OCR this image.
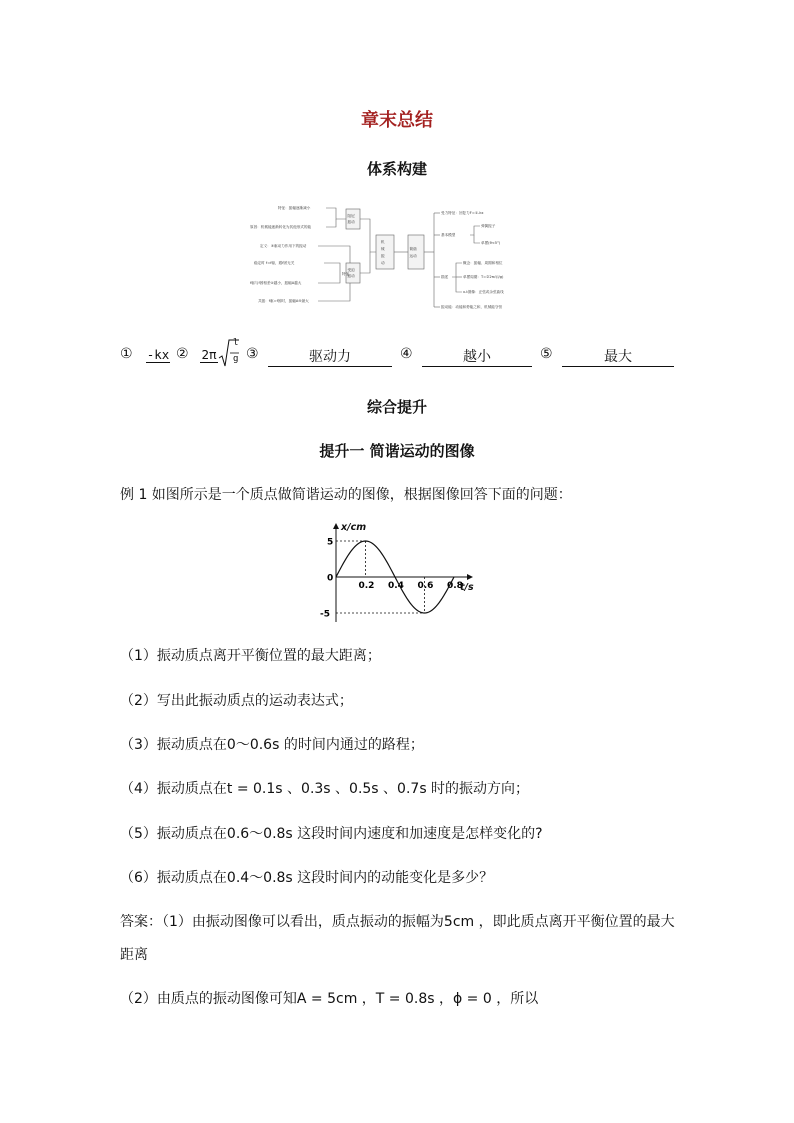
章末总结
体系构建
阻尼
振动
受迫
振动
机
械
振
动
简谐
运动
特征：振幅逐渐减小
原因：机械能逐渐转化为其他形式的能
定义：③驱动力作用下的振动
稳定时 f=f驱，跟f固无关
f驱与f固相差④越小，振幅A越大
共振：f驱=f固时，振幅A⑤最大
特征
受力特征：回复力F=①-kx
基本模型
弹簧振子
单摆(θ<5°)
概念：振幅、周期和相位
描述	单摆周期：T=②2π√(l/g)
x-t图像：正弦或余弦曲线
振动能：动能和势能之和，机械能守恒
① -kx ② 2π
l
g ③	驱动力	④	越小	⑤	最大
综合提升
提升一 简谐运动的图像
例 1 如图所示是一个质点做简谐运动的图像，根据图像回答下面的问题：
x/cm
t/s
0.2 0.4 0.6 0.8
5
0
-5
（1）振动质点离开平衡位置的最大距离；
（2）写出此振动质点的运动表达式；
（3）振动质点在0～0.6s 的时间内通过的路程；
（4）振动质点在t = 0.1s 、0.3s 、0.5s 、0.7s 时的振动方向；
（5）振动质点在0.6～0.8s 这段时间内速度和加速度是怎样变化的?
（6）振动质点在0.4～0.8s 这段时间内的动能变化是多少？
答案：（1）由振动图像可以看出，质点振动的振幅为5cm ，即此质点离开平衡位置的最大
距离
（2）由质点的振动图像可知A = 5cm ，T = 0.8s ，ϕ = 0 ，所以
